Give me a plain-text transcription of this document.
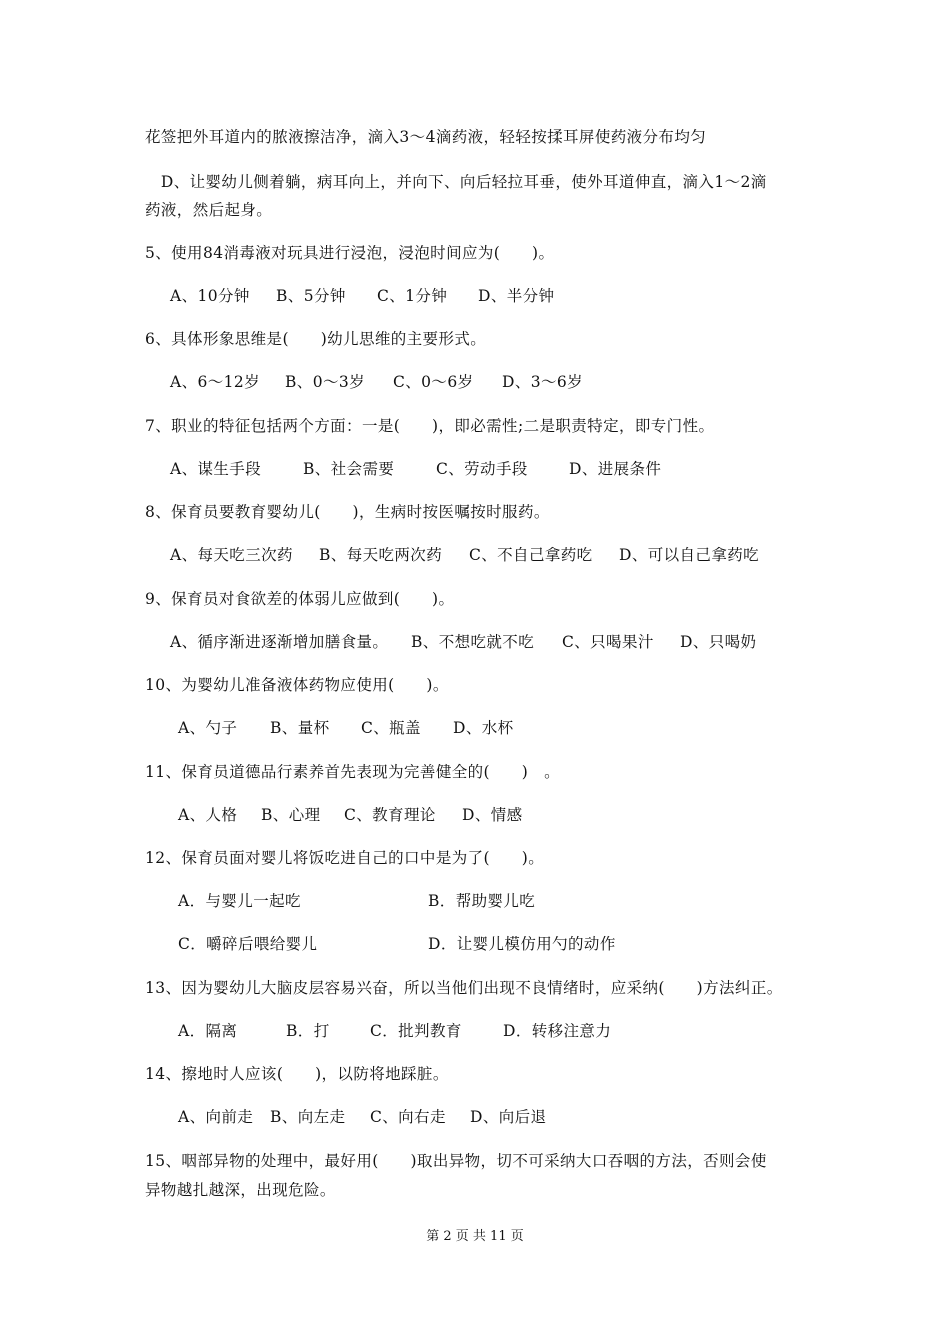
花签把外耳道内的脓液擦洁净，滴入3～4滴药液，轻轻按揉耳屏使药液分布均匀
　D、让婴幼儿侧着躺，病耳向上，并向下、向后轻拉耳垂，使外耳道伸直，滴入1～2滴
药液，然后起身。
5、使用84消毒液对玩具进行浸泡，浸泡时间应为(　　)。
A、10分钟 B、5分钟 C、1分钟 D、半分钟
6、具体形象思维是(　　)幼儿思维的主要形式。
A、6～12岁 B、0～3岁 C、0～6岁 D、3～6岁
7、职业的特征包括两个方面：一是(　　)，即必需性;二是职责特定，即专门性。
A、谋生手段	B、社会需要	C、劳动手段	D、进展条件
8、保育员要教育婴幼儿(　　)，生病时按医嘱按时服药。
A、每天吃三次药 B、每天吃两次药 C、不自己拿药吃 D、可以自己拿药吃
9、保育员对食欲差的体弱儿应做到(　　)。
A、循序渐进逐渐增加膳食量。 B、不想吃就不吃 C、只喝果汁 D、只喝奶
10、为婴幼儿准备液体药物应使用(　　)。
A、勺子 B、量杯 C、瓶盖 D、水杯
11、保育员道德品行素养首先表现为完善健全的(　　)　。
A、人格 B、心理 C、教育理论 D、情感
12、保育员面对婴儿将饭吃进自己的口中是为了(　　)。
A．与婴儿一起吃	B．帮助婴儿吃
C．嚼碎后喂给婴儿	D．让婴儿模仿用勺的动作
13、因为婴幼儿大脑皮层容易兴奋，所以当他们出现不良情绪时，应采纳(　　)方法纠正。
A．隔离	B．打	C．批判教育	D．转移注意力
14、擦地时人应该(　　)，以防将地踩脏。
A、向前走 B、向左走 C、向右走 D、向后退
15、咽部异物的处理中，最好用(　　)取出异物，切不可采纳大口吞咽的方法，否则会使
异物越扎越深，出现危险。
第 2 页 共 11 页
